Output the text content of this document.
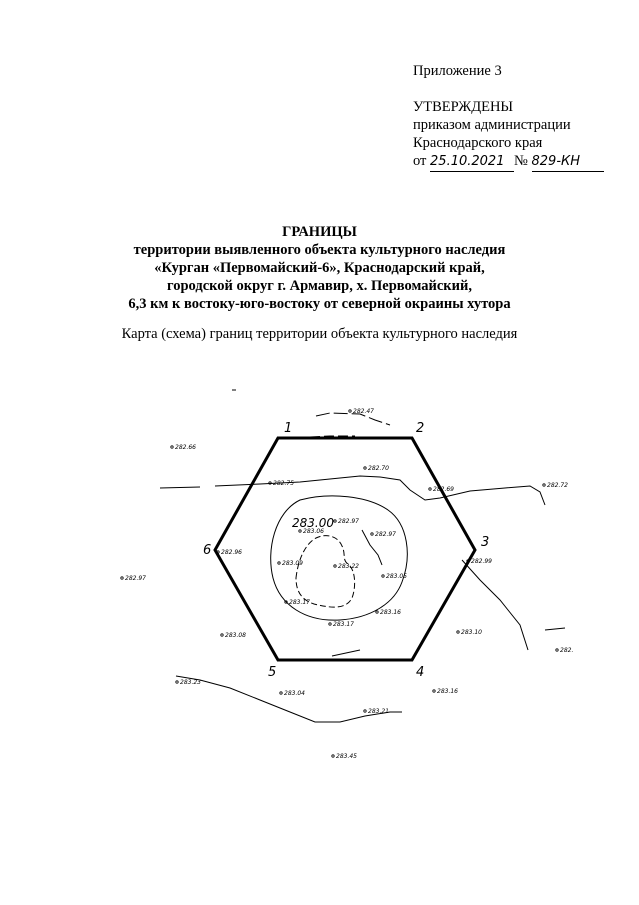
Приложение 3
УТВЕРЖДЕНЫ
приказом администрации
Краснодарского края
от 25.10.2021 № 829-КН
ГРАНИЦЫ
территории выявленного объекта культурного наследия
«Курган «Первомайский-6», Краснодарский край,
городской округ г. Армавир, х. Первомайский,
6,3 км к востоку-юго-востоку от северной окраины хутора
Карта (схема) границ территории объекта культурного наследия
1	2
3
4
5
6
283.00
282.47
282.66
282.70
282.75
282.69
282.72
282.97
283.06	282.97
282.96
282.99
282.97
283.09	283.22
283.05
283.17
283.16
283.17
283.10
283.08
282.
283.23
283.04	283.16
283.21
283.45
